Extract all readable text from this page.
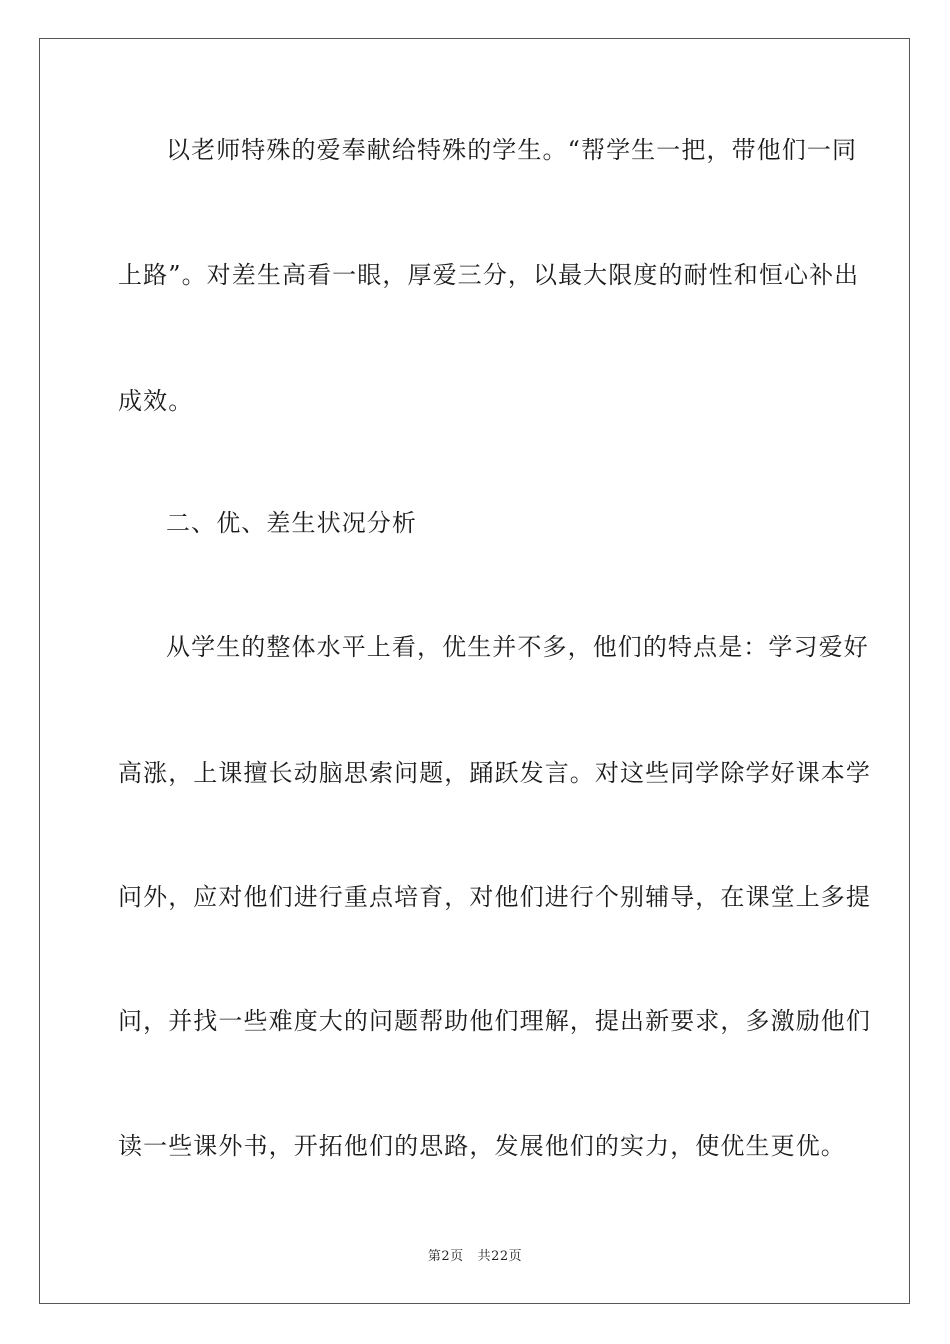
以老师特殊的爱奉献给特殊的学生。“帮学生一把，带他们一同
上路”。对差生高看一眼，厚爱三分，以最大限度的耐性和恒心补出
成效。
二、优、差生状况分析
从学生的整体水平上看，优生并不多，他们的特点是：学习爱好
高涨，上课擅长动脑思索问题，踊跃发言。对这些同学除学好课本学
问外，应对他们进行重点培育，对他们进行个别辅导，在课堂上多提
问，并找一些难度大的问题帮助他们理解，提出新要求，多激励他们
读一些课外书，开拓他们的思路，发展他们的实力，使优生更优。
第2页 共22页
